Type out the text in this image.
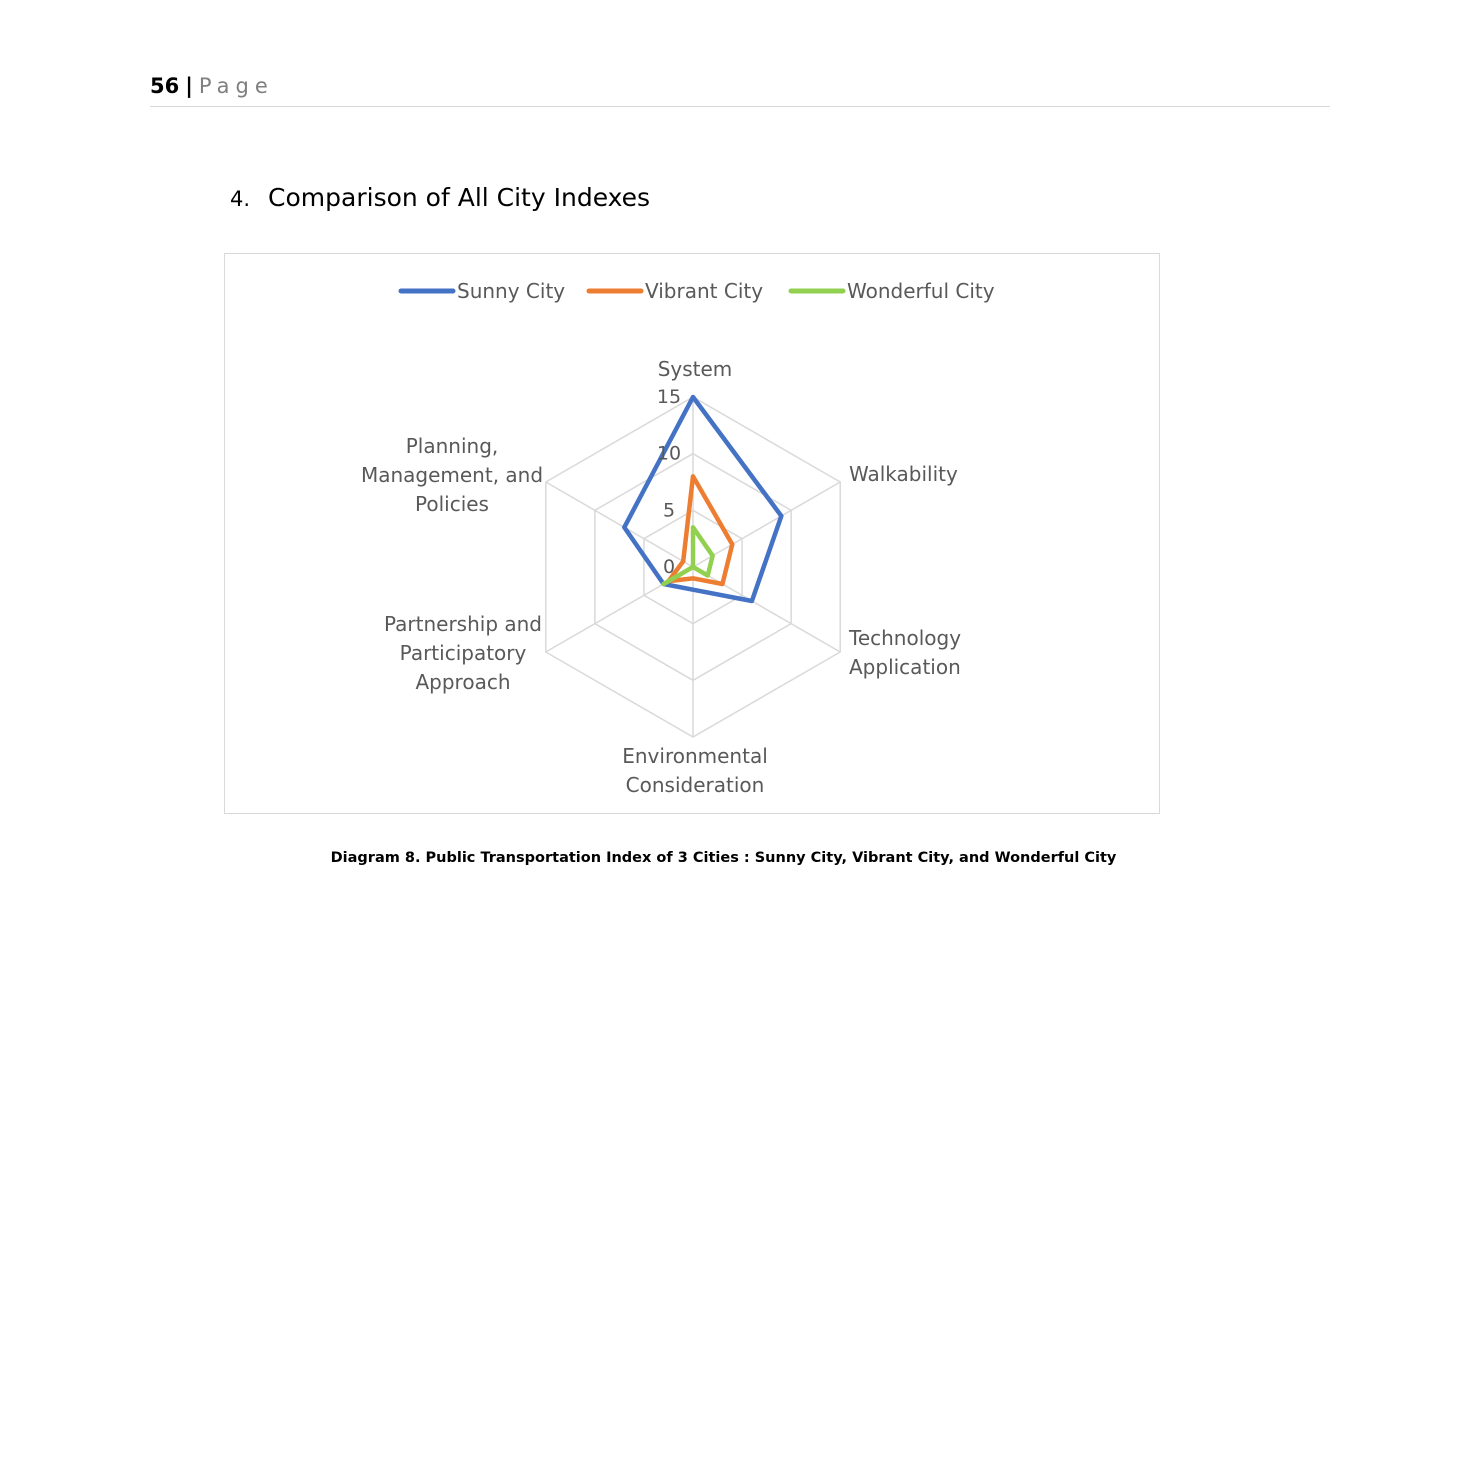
56 | Page
4. Comparison of All City Indexes
0
5
10
15
System
Walkability
Technology Application
Environmental Consideration
Partnership and Participatory Approach
Planning, Management, and Policies
Sunny City	Vibrant City	Wonderful City
Diagram 8. Public Transportation Index of 3 Cities : Sunny City, Vibrant City, and Wonderful City
